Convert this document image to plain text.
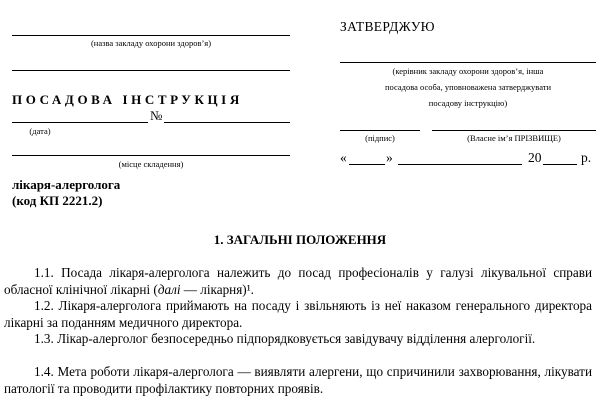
(назва закладу охорони здоров’я)
ПОСАДОВА ІНСТРУКЦІЯ
№
(дата)
(місце складення)
лікаря-алерголога
(код КП 2221.2)
ЗАТВЕРДЖУЮ
(керівник закладу охорони здоров’я, інша
посадова особа, уповноважена затверджувати
посадову інструкцію)
(підпис)	(Власне ім’я ПРІЗВИЩЕ)
«	»	20	р.
1. ЗАГАЛЬНІ ПОЛОЖЕННЯ
1.1. Посада лікаря-алерголога належить до посад професіоналів у галузі лікувальної справи обласної клінічної лікарні (далі — лікарня)¹.
1.2. Лікаря-алерголога приймають на посаду і звільняють із неї наказом генерального директора лікарні за поданням медичного директора.
1.3. Лікар-алерголог безпосередньо підпорядковується завідувачу відділення алергології.
1.4. Мета роботи лікаря-алерголога — виявляти алергени, що спричинили захворювання, лікувати патології та проводити профілактику повторних проявів.
